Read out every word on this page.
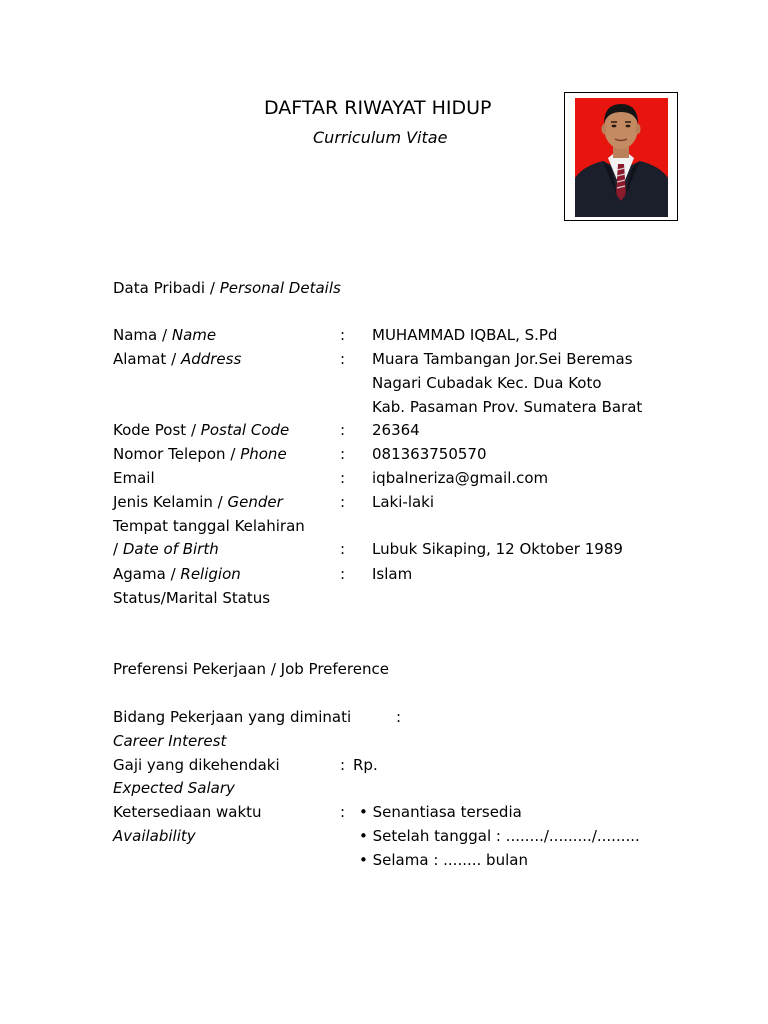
DAFTAR RIWAYAT HIDUP
Curriculum Vitae
Data Pribadi / Personal Details
Nama / Name	: MUHAMMAD IQBAL, S.Pd
Alamat / Address	: Muara Tambangan Jor.Sei Beremas
Nagari Cubadak Kec. Dua Koto
Kab. Pasaman Prov. Sumatera Barat
Kode Post / Postal Code	: 26364
Nomor Telepon / Phone	: 081363750570
Email	: iqbalneriza@gmail.com
Jenis Kelamin / Gender	: Laki-laki
Tempat tanggal Kelahiran
/ Date of Birth	: Lubuk Sikaping, 12 Oktober 1989
Agama / Religion	: Islam
Status/Marital Status
Preferensi Pekerjaan / Job Preference
Bidang Pekerjaan yang diminati	:
Career Interest
Gaji yang dikehendaki	: Rp.
Expected Salary
Ketersediaan waktu	:
Availability
• Senantiasa tersedia
• Setelah tanggal : ......../........./.........
• Selama : ........ bulan
